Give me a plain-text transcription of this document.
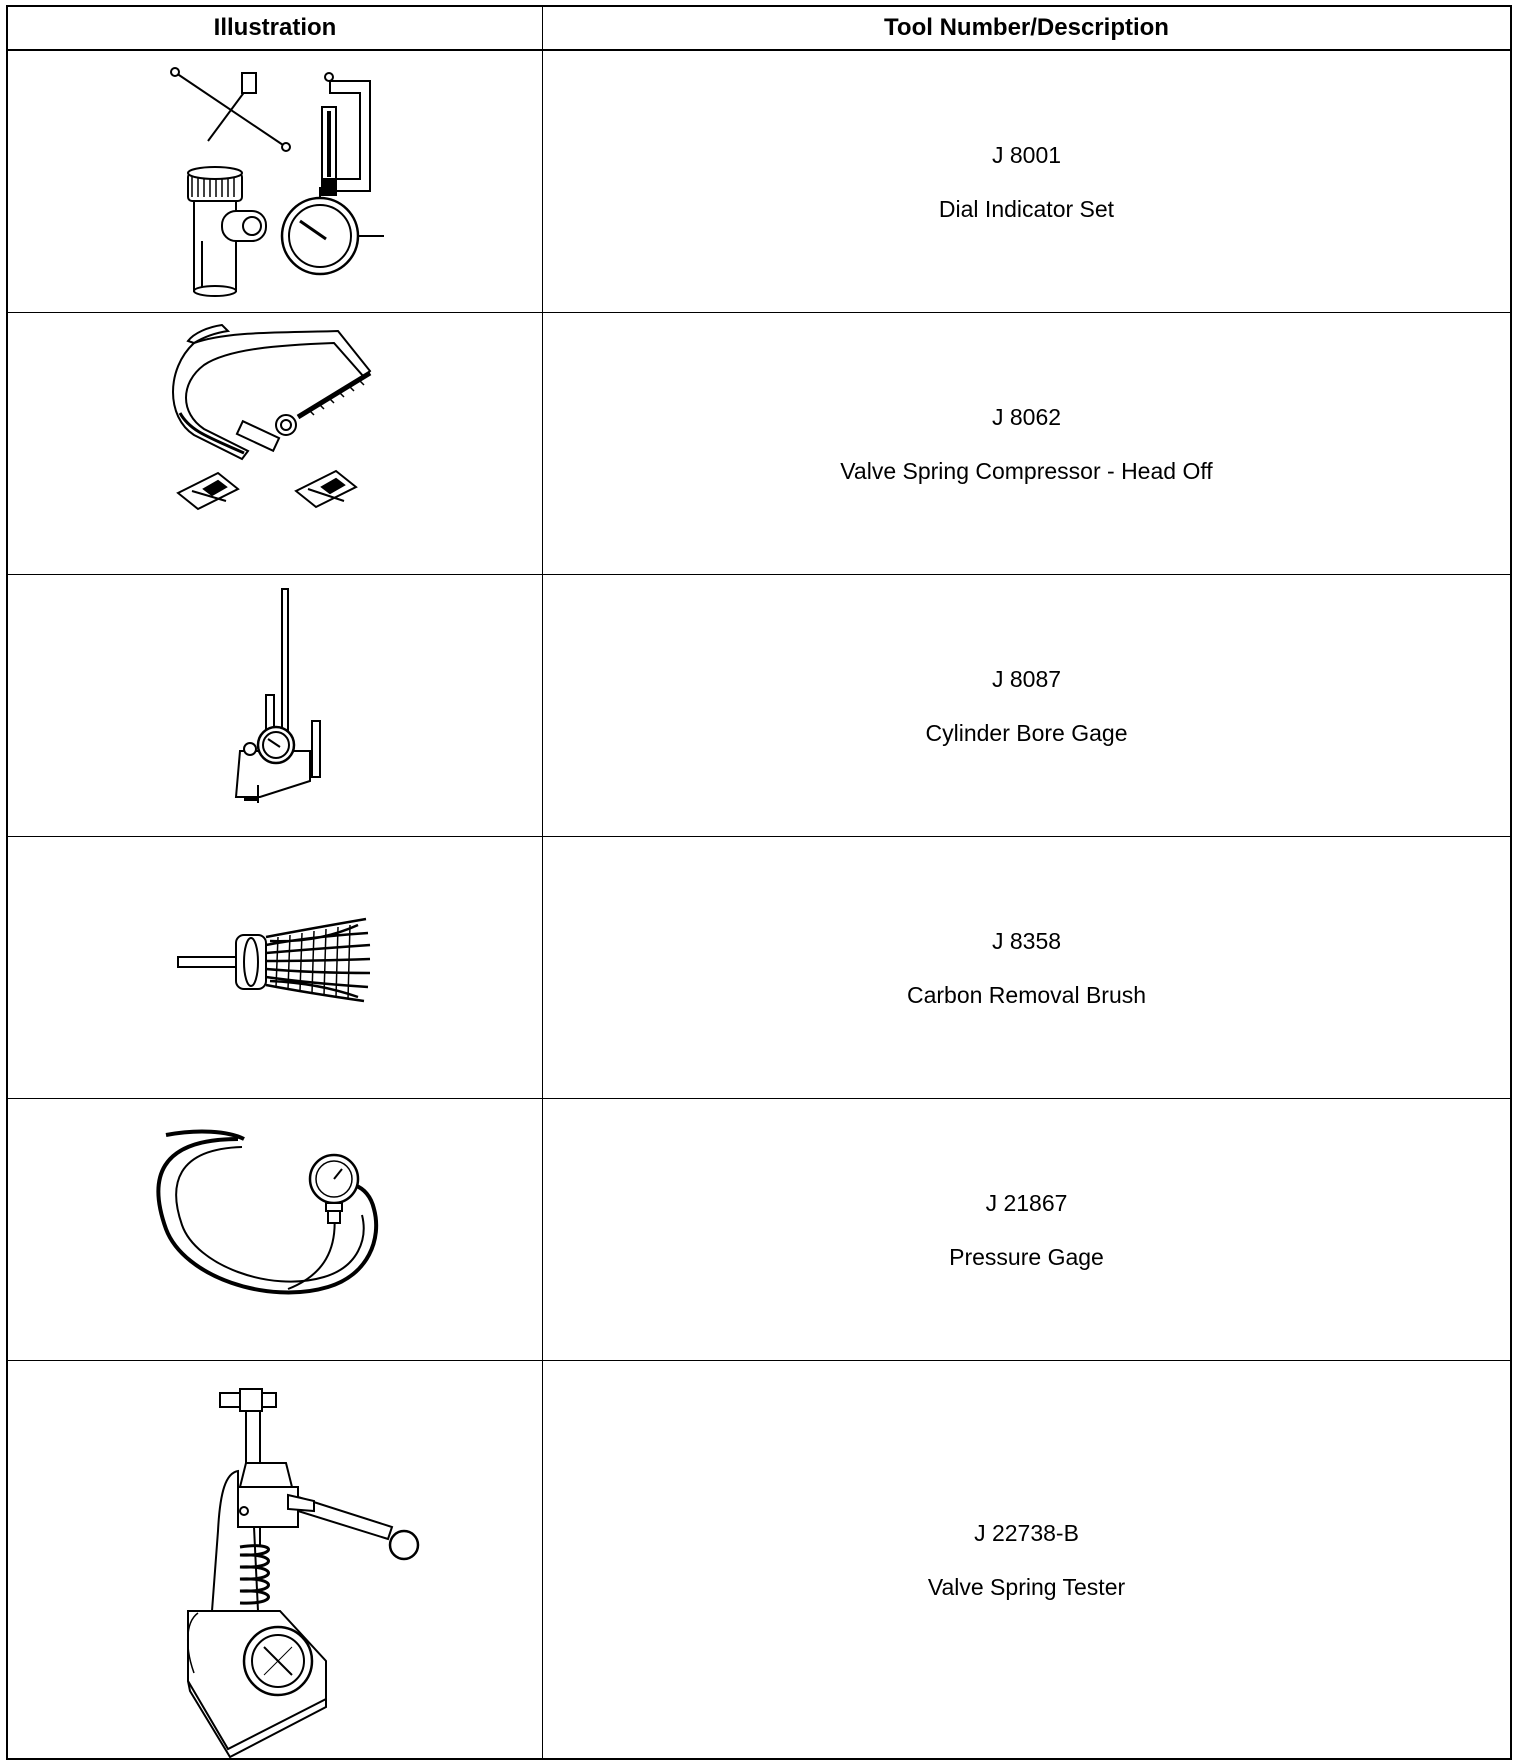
Illustration	Tool Number/Description
J 8001
Dial Indicator Set
J 8062
Valve Spring Compressor - Head Off
J 8087
Cylinder Bore Gage
J 8358
Carbon Removal Brush
J 21867
Pressure Gage
J 22738-B
Valve Spring Tester
